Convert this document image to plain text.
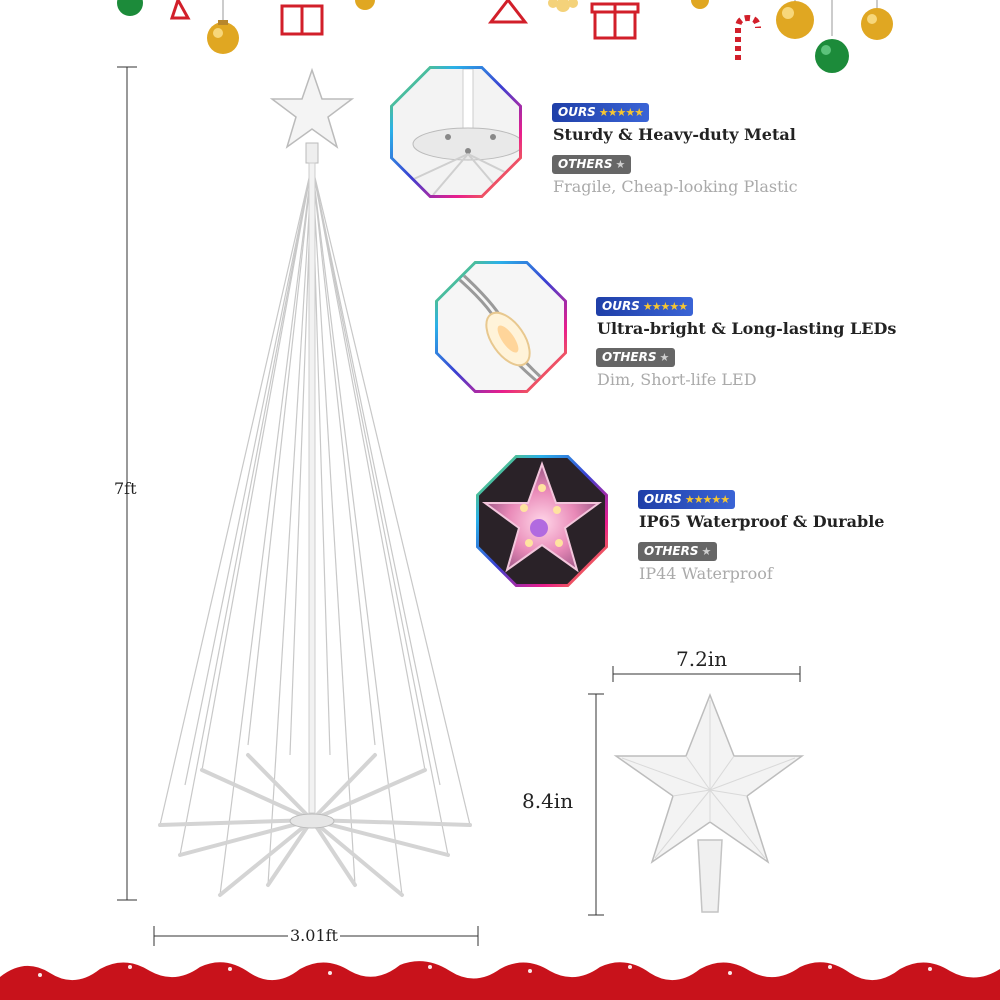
7ft
3.01ft
OURS ★★★★★
Sturdy & Heavy-duty Metal
OTHERS ★
Fragile, Cheap-looking Plastic
OURS ★★★★★
Ultra-bright & Long-lasting LEDs
OTHERS ★
Dim, Short-life LED
OURS ★★★★★
IP65 Waterproof & Durable
OTHERS ★
IP44 Waterproof
7.2in
8.4in
